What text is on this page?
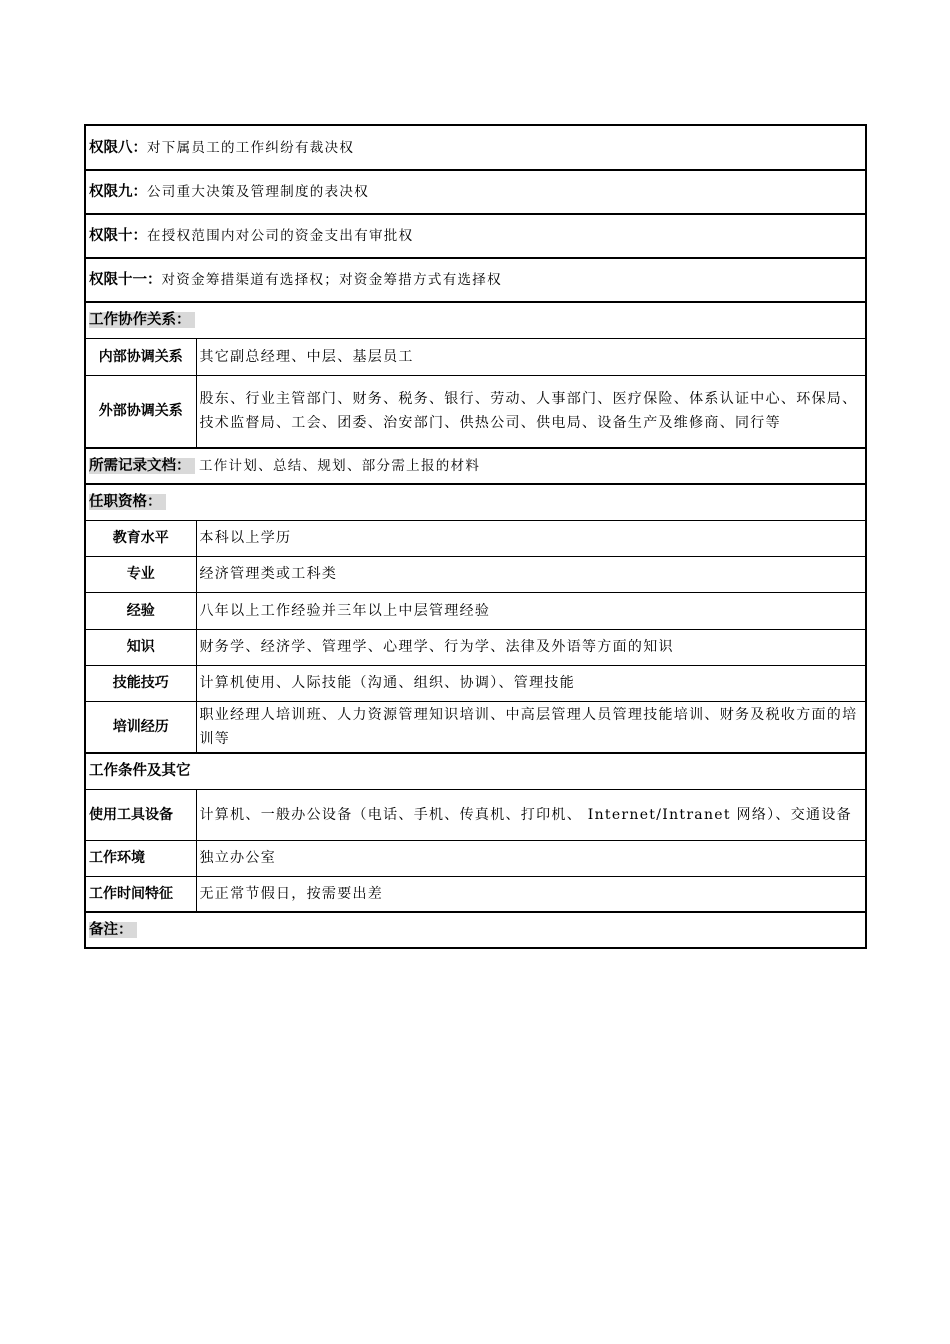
权限八：对下属员工的工作纠纷有裁决权	
权限九：公司重大决策及管理制度的表决权	
权限十：在授权范围内对公司的资金支出有审批权	
权限十一：对资金筹措渠道有选择权；对资金筹措方式有选择权	
工作协作关系：	
内部协调关系	其它副总经理、中层、基层员工
外部协调关系	股东、行业主管部门、财务、税务、银行、劳动、人事部门、医疗保险、体系认证中心、环保局、技术监督局、工会、团委、治安部门、供热公司、供电局、设备生产及维修商、同行等
所需记录文档： 工作计划、总结、规划、部分需上报的材料	
任职资格：	
教育水平	本科以上学历
专业	经济管理类或工科类
经验	八年以上工作经验并三年以上中层管理经验
知识	财务学、经济学、管理学、心理学、行为学、法律及外语等方面的知识
技能技巧	计算机使用、人际技能（沟通、组织、协调）、管理技能
培训经历	职业经理人培训班、人力资源管理知识培训、中高层管理人员管理技能培训、财务及税收方面的培训等
工作条件及其它	
使用工具设备	计算机、一般办公设备（电话、手机、传真机、打印机、 Internet/Intranet 网络）、交通设备
工作环境	独立办公室
工作时间特征	无正常节假日，按需要出差
备注：	
